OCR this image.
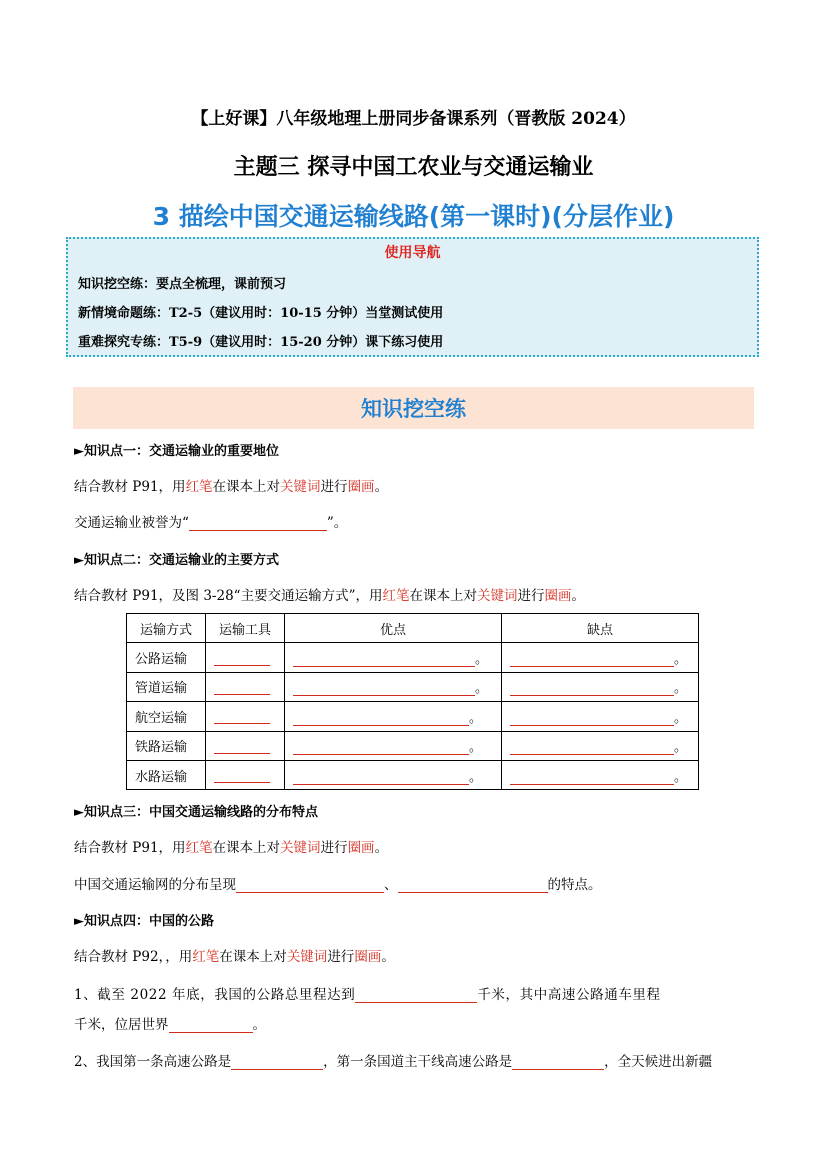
【上好课】八年级地理上册同步备课系列（晋教版 2024）
主题三 探寻中国工农业与交通运输业
3 描绘中国交通运输线路(第一课时)(分层作业)
使用导航
知识挖空练：要点全梳理，课前预习
新情境命题练：T2-5（建议用时：10-15 分钟）当堂测试使用
重难探究专练：T5-9（建议用时：15-20 分钟）课下练习使用
知识挖空练
►知识点一：交通运输业的重要地位
结合教材 P91，用红笔在课本上对关键词进行圈画。
交通运输业被誉为“	”。
►知识点二：交通运输业的主要方式
结合教材 P91，及图 3-28“主要交通运输方式”，用红笔在课本上对关键词进行圈画。
运输方式	运输工具	优点	缺点
公路运输		。	。
管道运输		。	。
航空运输		。	。
铁路运输		。	。
水路运输		。	。
►知识点三：中国交通运输线路的分布特点
结合教材 P91，用红笔在课本上对关键词进行圈画。
中国交通运输网的分布呈现	、	的特点。
►知识点四：中国的公路
结合教材 P92，，用红笔在课本上对关键词进行圈画。
1、截至 2022 年底，我国的公路总里程达到	千米，其中高速公路通车里程
千米，位居世界	。
2、我国第一条高速公路是	，第一条国道主干线高速公路是	，全天候进出新疆
